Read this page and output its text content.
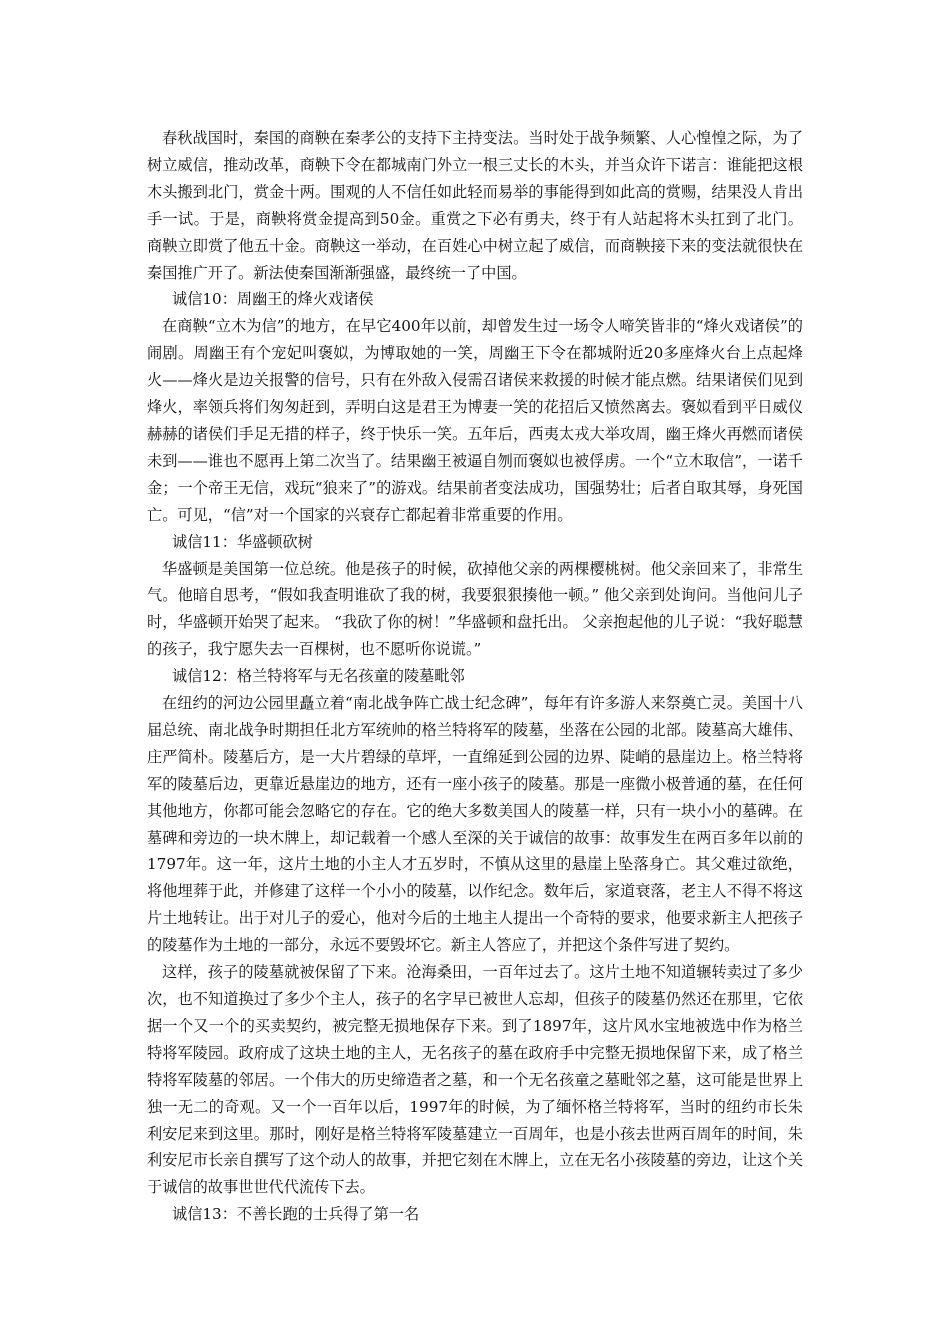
春秋战国时，秦国的商鞅在秦孝公的支持下主持变法。当时处于战争频繁、人心惶惶之际，为了树立威信，推动改革，商鞅下令在都城南门外立一根三丈长的木头，并当众许下诺言：谁能把这根木头搬到北门，赏金十两。围观的人不信任如此轻而易举的事能得到如此高的赏赐，结果没人肯出手一试。于是，商鞅将赏金提高到50金。重赏之下必有勇夫，终于有人站起将木头扛到了北门。商鞅立即赏了他五十金。商鞅这一举动，在百姓心中树立起了威信，而商鞅接下来的变法就很快在秦国推广开了。新法使秦国渐渐强盛，最终统一了中国。

诚信10：周幽王的烽火戏诸侯

在商鞅“立木为信”的地方，在早它400年以前，却曾发生过一场令人啼笑皆非的“烽火戏诸侯”的闹剧。周幽王有个宠妃叫褒姒，为博取她的一笑，周幽王下令在都城附近20多座烽火台上点起烽火——烽火是边关报警的信号，只有在外敌入侵需召诸侯来救援的时候才能点燃。结果诸侯们见到烽火，率领兵将们匆匆赶到，弄明白这是君王为博妻一笑的花招后又愤然离去。褒姒看到平日威仪赫赫的诸侯们手足无措的样子，终于快乐一笑。五年后，西夷太戎大举攻周，幽王烽火再燃而诸侯未到——谁也不愿再上第二次当了。结果幽王被逼自刎而褒姒也被俘虏。一个“立木取信”，一诺千金；一个帝王无信，戏玩“狼来了”的游戏。结果前者变法成功，国强势壮；后者自取其辱，身死国亡。可见，“信”对一个国家的兴衰存亡都起着非常重要的作用。

诚信11：华盛顿砍树

华盛顿是美国第一位总统。他是孩子的时候，砍掉他父亲的两棵樱桃树。他父亲回来了，非常生气。他暗自思考，“假如我查明谁砍了我的树，我要狠狠揍他一顿。” 他父亲到处询问。当他问儿子时，华盛顿开始哭了起来。 “我砍了你的树！”华盛顿和盘托出。 父亲抱起他的儿子说：“我好聪慧的孩子，我宁愿失去一百棵树，也不愿听你说谎。”

诚信12：格兰特将军与无名孩童的陵墓毗邻

在纽约的河边公园里矗立着“南北战争阵亡战士纪念碑”，每年有许多游人来祭奠亡灵。美国十八届总统、南北战争时期担任北方军统帅的格兰特将军的陵墓，坐落在公园的北部。陵墓高大雄伟、庄严简朴。陵墓后方，是一大片碧绿的草坪，一直绵延到公园的边界、陡峭的悬崖边上。格兰特将军的陵墓后边，更靠近悬崖边的地方，还有一座小孩子的陵墓。那是一座微小极普通的墓，在任何其他地方，你都可能会忽略它的存在。它的绝大多数美国人的陵墓一样，只有一块小小的墓碑。在墓碑和旁边的一块木牌上，却记载着一个感人至深的关于诚信的故事：故事发生在两百多年以前的1797年。这一年，这片土地的小主人才五岁时，不慎从这里的悬崖上坠落身亡。其父难过欲绝，将他埋葬于此，并修建了这样一个小小的陵墓，以作纪念。数年后，家道衰落，老主人不得不将这片土地转让。出于对儿子的爱心，他对今后的土地主人提出一个奇特的要求，他要求新主人把孩子的陵墓作为土地的一部分，永远不要毁坏它。新主人答应了，并把这个条件写进了契约。

这样，孩子的陵墓就被保留了下来。沧海桑田，一百年过去了。这片土地不知道辗转卖过了多少次，也不知道换过了多少个主人，孩子的名字早已被世人忘却，但孩子的陵墓仍然还在那里，它依据一个又一个的买卖契约，被完整无损地保存下来。到了1897年，这片风水宝地被选中作为格兰特将军陵园。政府成了这块土地的主人，无名孩子的墓在政府手中完整无损地保留下来，成了格兰特将军陵墓的邻居。一个伟大的历史缔造者之墓，和一个无名孩童之墓毗邻之墓，这可能是世界上独一无二的奇观。又一个一百年以后，1997年的时候，为了缅怀格兰特将军，当时的纽约市长朱利安尼来到这里。那时，刚好是格兰特将军陵墓建立一百周年，也是小孩去世两百周年的时间，朱利安尼市长亲自撰写了这个动人的故事，并把它刻在木牌上，立在无名小孩陵墓的旁边，让这个关于诚信的故事世世代代流传下去。

诚信13：不善长跑的士兵得了第一名
